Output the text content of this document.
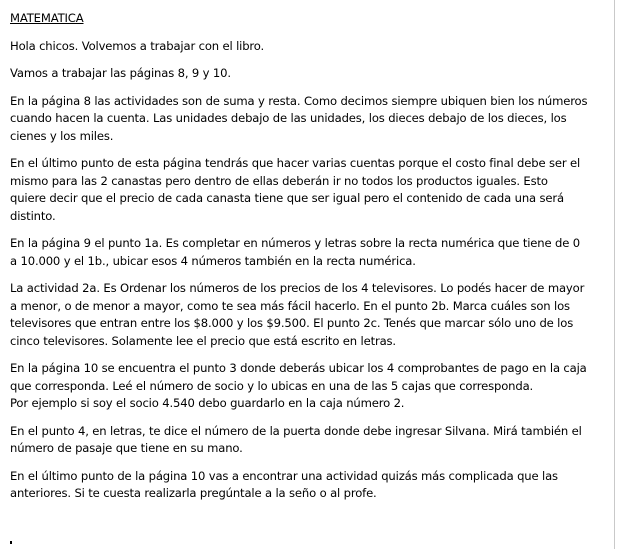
MATEMATICA

Hola chicos. Volvemos a trabajar con el libro.

Vamos a trabajar las páginas 8, 9 y 10.

En la página 8 las actividades son de suma y resta. Como decimos siempre ubiquen bien los números
cuando hacen la cuenta. Las unidades debajo de las unidades, los dieces debajo de los dieces, los
cienes y los miles.

En el último punto de esta página tendrás que hacer varias cuentas porque el costo final debe ser el
mismo para las 2 canastas pero dentro de ellas deberán ir no todos los productos iguales. Esto
quiere decir que el precio de cada canasta tiene que ser igual pero el contenido de cada una será
distinto.

En la página 9 el punto 1a. Es completar en números y letras sobre la recta numérica que tiene de 0
a 10.000 y el 1b., ubicar esos 4 números también en la recta numérica.

La actividad 2a. Es Ordenar los números de los precios de los 4 televisores. Lo podés hacer de mayor
a menor, o de menor a mayor, como te sea más fácil hacerlo. En el punto 2b. Marca cuáles son los
televisores que entran entre los $8.000 y los $9.500. El punto 2c. Tenés que marcar sólo uno de los
cinco televisores. Solamente lee el precio que está escrito en letras.

En la página 10 se encuentra el punto 3 donde deberás ubicar los 4 comprobantes de pago en la caja
que corresponda. Leé el número de socio y lo ubicas en una de las 5 cajas que corresponda.
Por ejemplo si soy el socio 4.540 debo guardarlo en la caja número 2.

En el punto 4, en letras, te dice el número de la puerta donde debe ingresar Silvana. Mirá también el
número de pasaje que tiene en su mano.

En el último punto de la página 10 vas a encontrar una actividad quizás más complicada que las
anteriores. Si te cuesta realizarla pregúntale a la seño o al profe.
